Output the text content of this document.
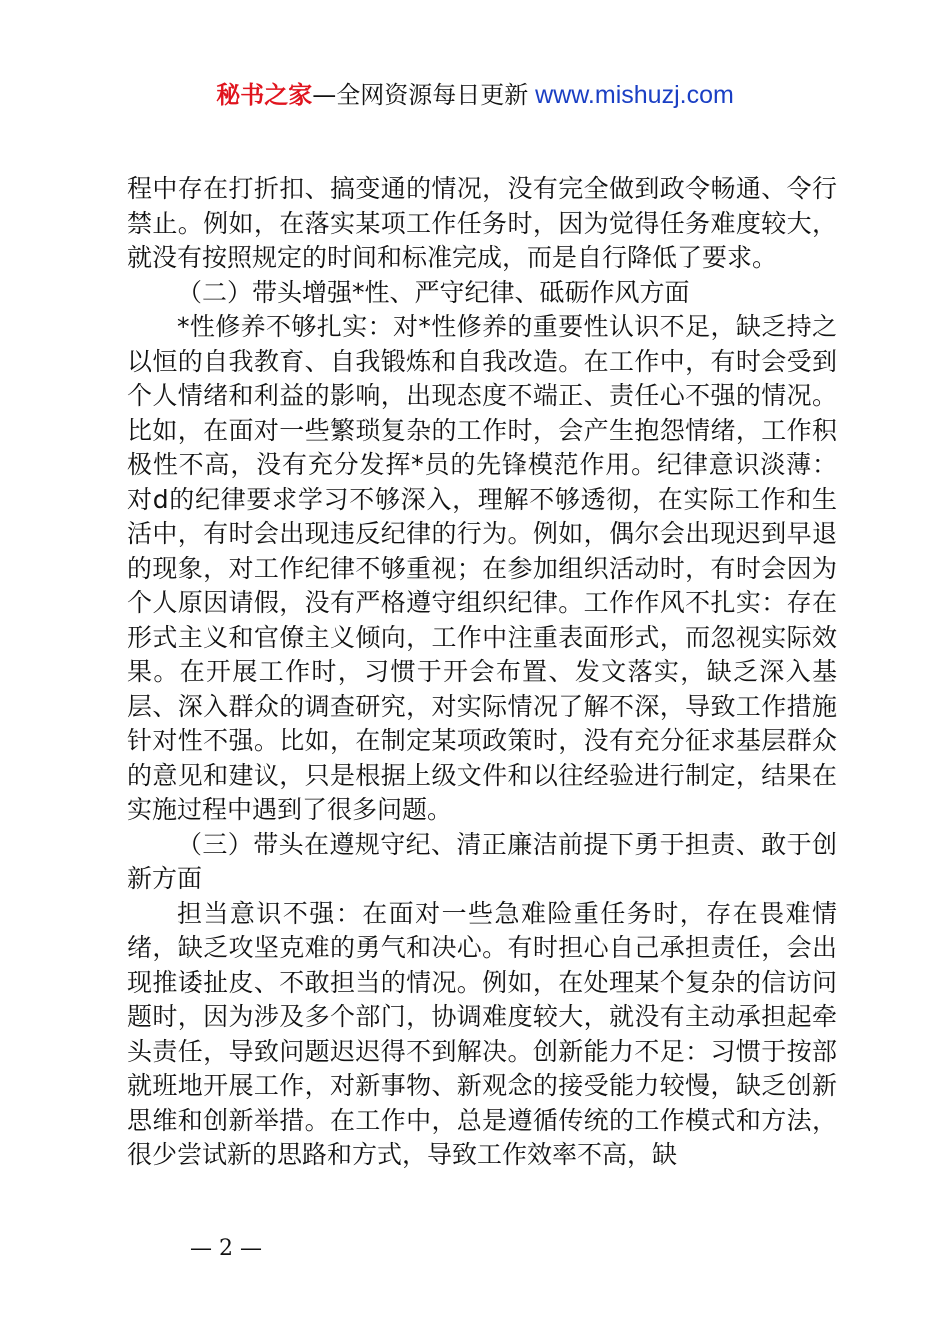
秘书之家—全网资源每日更新 www.mishuzj.com

程中存在打折扣、搞变通的情况，没有完全做到政令畅通、令行禁止。例如，在落实某项工作任务时，因为觉得任务难度较大，就没有按照规定的时间和标准完成，而是自行降低了要求。

（二）带头增强*性、严守纪律、砥砺作风方面

*性修养不够扎实：对*性修养的重要性认识不足，缺乏持之以恒的自我教育、自我锻炼和自我改造。在工作中，有时会受到个人情绪和利益的影响，出现态度不端正、责任心不强的情况。比如，在面对一些繁琐复杂的工作时，会产生抱怨情绪，工作积极性不高，没有充分发挥*员的先锋模范作用。纪律意识淡薄：对d的纪律要求学习不够深入，理解不够透彻，在实际工作和生活中，有时会出现违反纪律的行为。例如，偶尔会出现迟到早退的现象，对工作纪律不够重视；在参加组织活动时，有时会因为个人原因请假，没有严格遵守组织纪律。工作作风不扎实：存在形式主义和官僚主义倾向，工作中注重表面形式，而忽视实际效果。在开展工作时，习惯于开会布置、发文落实，缺乏深入基层、深入群众的调查研究，对实际情况了解不深，导致工作措施针对性不强。比如，在制定某项政策时，没有充分征求基层群众的意见和建议，只是根据上级文件和以往经验进行制定，结果在实施过程中遇到了很多问题。

（三）带头在遵规守纪、清正廉洁前提下勇于担责、敢于创新方面

担当意识不强：在面对一些急难险重任务时，存在畏难情绪，缺乏攻坚克难的勇气和决心。有时担心自己承担责任，会出现推诿扯皮、不敢担当的情况。例如，在处理某个复杂的信访问题时，因为涉及多个部门，协调难度较大，就没有主动承担起牵头责任，导致问题迟迟得不到解决。创新能力不足：习惯于按部就班地开展工作，对新事物、新观念的接受能力较慢，缺乏创新思维和创新举措。在工作中，总是遵循传统的工作模式和方法，很少尝试新的思路和方式，导致工作效率不高，缺

— 2 —
